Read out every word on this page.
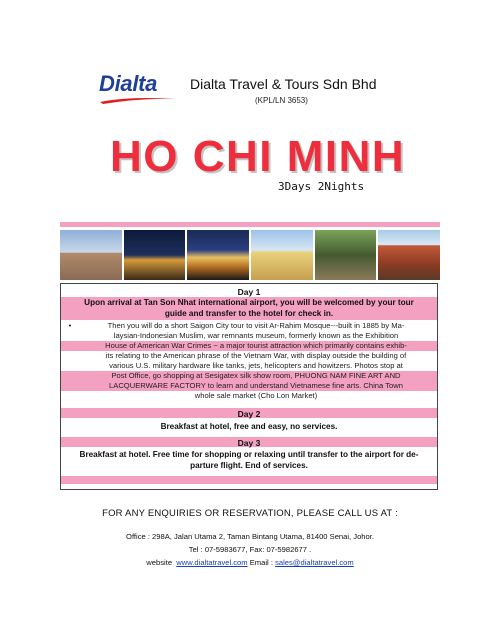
Dialta	Dialta Travel & Tours Sdn Bhd
(KPL/LN 3653)
HO CHI MINH
3Days 2Nights
Day 1
Upon arrival at Tan Son Nhat international airport, you will be welcomed by your tour
guide and transfer to the hotel for check in.
•	Then you will do a short Saigon City tour to visit Ar-Rahim Mosque---built in 1885 by Ma-
laysian-Indonesian Muslim, war remnants museum, formerly known as the Exhibition
House of American War Crimes ~ a major tourist attraction which primarily contains exhib-
its relating to the American phrase of the Vietnam War, with display outside the building of
various U.S. military hardware like tanks, jets, helicopters and howitzers. Photos stop at
Post Office, go shopping at Sesigatex silk show room, PHUONG NAM FINE ART AND
LACQUERWARE FACTORY to learn and understand Vietnamese fine arts. China Town
whole sale market (Cho Lon Market)
Day 2
Breakfast at hotel, free and easy, no services.
Day 3
Breakfast at hotel. Free time for shopping or relaxing until transfer to the airport for de-
parture flight. End of services.
FOR ANY ENQUIRIES OR RESERVATION, PLEASE CALL US AT :
Office : 298A, Jalan Utama 2, Taman Bintang Utama, 81400 Senai, Johor.
Tel : 07-5983677, Fax: 07-5982677 .
website www.dialtatravel.com Email : sales@dialtatravel.com
